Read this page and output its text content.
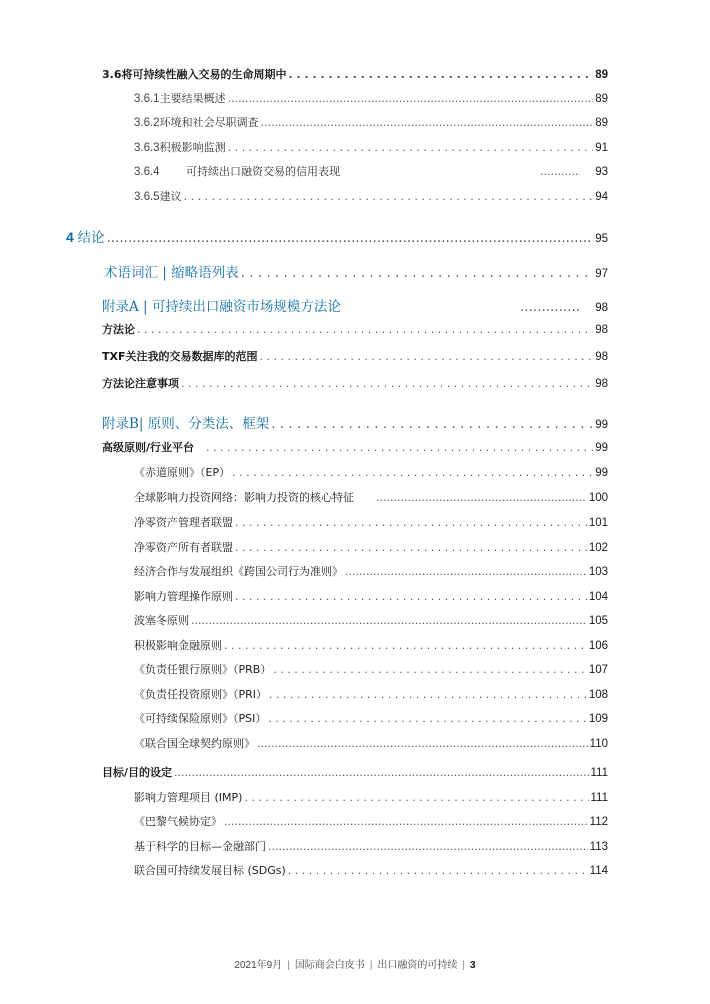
3.6 将可持续性融入交易的生命周期中 . . .	89
3.6.1 主要结果概述 .....	89
3.6.2 环境和社会尽职调查 .....	89
3.6.3 积极影响监测 . . .	91
3.6.4	可持续出口融资交易的信用表现 .....	93
3.6.5 建议 . . .	94
4 结论 .....	95
术语词汇 | 缩略语列表 . . .	97
附录A | 可持续出口融资市场规模方法论 .....	98
方法论 . . .	98
TXF关注我的交易数据库的范围 . . .	98
方法论注意事项 . . .	98
附录B| 原则、分类法、框架 . . .	99
高级原则/行业平台 . . .	99
《赤道原则》（EP） . . .	99
全球影响力投资网络：影响力投资的核心特征 .....	100
净零资产管理者联盟 . . .	101
净零资产所有者联盟 . . .	102
经济合作与发展组织《跨国公司行为准则》 .....	103
影响力管理操作原则 . . .	104
波塞冬原则 .....	105
积极影响金融原则 . . .	106
《负责任银行原则》（PRB） . . .	107
《负责任投资原则》（PRI） . . .	108
《可持续保险原则》（PSI） . . .	109
《联合国全球契约原则》 .....	110
目标/目的设定 .....	111
影响力管理项目 (IMP) . . .	111
《巴黎气候协定》 .....	112
基于科学的目标—金融部门 .....	113
联合国可持续发展目标 (SDGs) . . .	114
2021年9月 | 国际商会白皮书 | 出口融资的可持续 | 3
